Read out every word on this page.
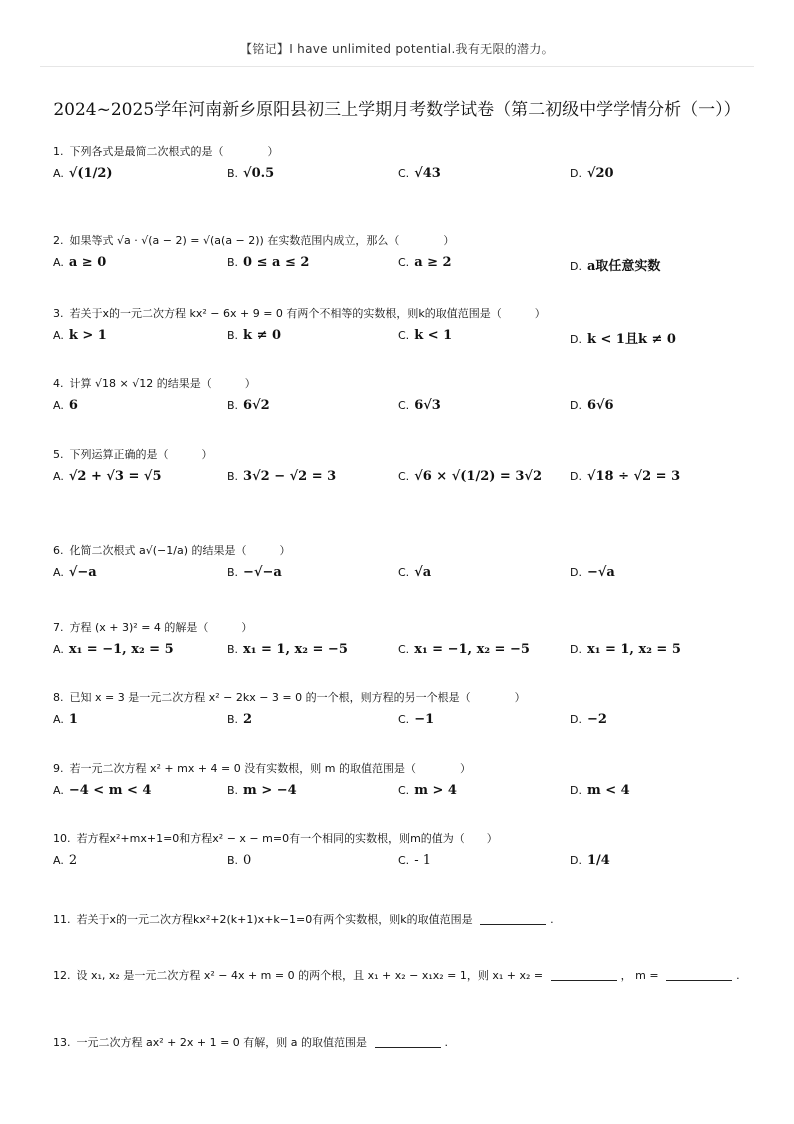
【铭记】I have unlimited potential.我有无限的潜力。
2024~2025学年河南新乡原阳县初三上学期月考数学试卷（第二初级中学学情分析（一））
1. 下列各式是最简二次根式的是（　　　　）
A. √(1/2)	B. √0.5	C. √43	D. √20
2. 如果等式 √a · √(a − 2) = √(a(a − 2)) 在实数范围内成立，那么（　　　　）
A. a ≥ 0	B. 0 ≤ a ≤ 2	C. a ≥ 2	D. a取任意实数
3. 若关于x的一元二次方程 kx² − 6x + 9 = 0 有两个不相等的实数根，则k的取值范围是（　　　）
A. k > 1	B. k ≠ 0	C. k < 1	D. k < 1且k ≠ 0
4. 计算 √18 × √12 的结果是（　　　）
A. 6	B. 6√2	C. 6√3	D. 6√6
5. 下列运算正确的是（　　　）
A. √2 + √3 = √5	B. 3√2 − √2 = 3	C. √6 × √(1/2) = 3√2	D. √18 ÷ √2 = 3
6. 化简二次根式 a√(−1/a) 的结果是（　　　）
A. √−a	B. −√−a	C. √a	D. −√a
7. 方程 (x + 3)² = 4 的解是（　　　）
A. x₁ = −1, x₂ = 5	B. x₁ = 1, x₂ = −5	C. x₁ = −1, x₂ = −5	D. x₁ = 1, x₂ = 5
8. 已知 x = 3 是一元二次方程 x² − 2kx − 3 = 0 的一个根，则方程的另一个根是（　　　　）
A. 1	B. 2	C. −1	D. −2
9. 若一元二次方程 x² + mx + 4 = 0 没有实数根，则 m 的取值范围是（　　　　）
A. −4 < m < 4	B. m > −4	C. m > 4	D. m < 4
10. 若方程x²+mx+1=0和方程x² − x − m=0有一个相同的实数根，则m的值为（　　）
A. 2	B. 0	C. - 1	D. 1/4
11. 若关于x的一元二次方程kx²+2(k+1)x+k−1=0有两个实数根，则k的取值范围是	.
12. 设 x₁, x₂ 是一元二次方程 x² − 4x + m = 0 的两个根，且 x₁ + x₂ − x₁x₂ = 1，则 x₁ + x₂ =	， m =	.
13. 一元二次方程 ax² + 2x + 1 = 0 有解，则 a 的取值范围是	.
